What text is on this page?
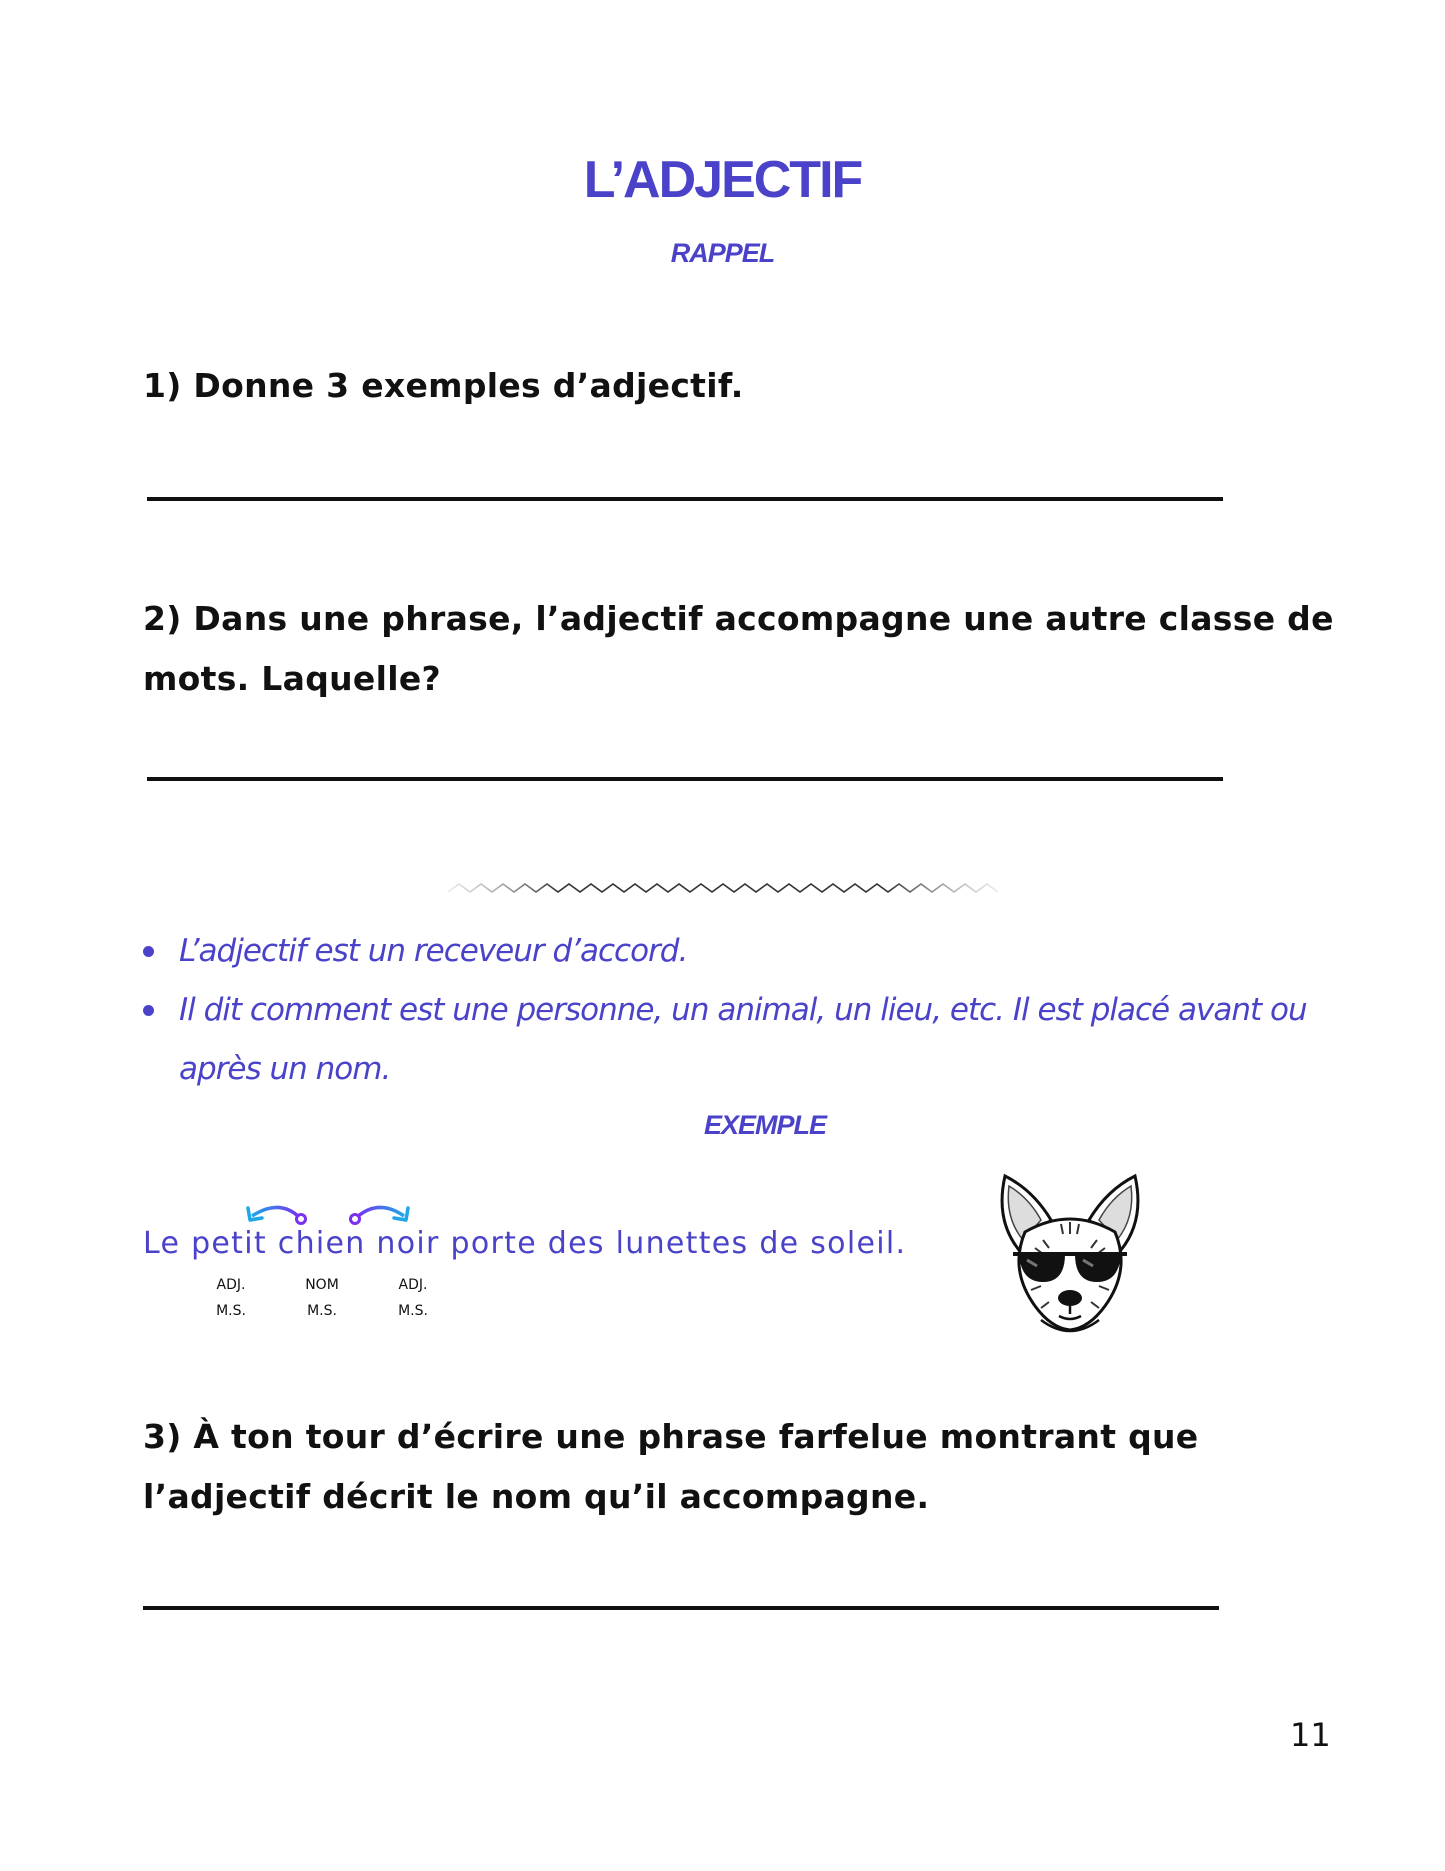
L’ADJECTIF
RAPPEL
1) Donne 3 exemples d’adjectif.
2) Dans une phrase, l’adjectif accompagne une autre classe de
mots. Laquelle?
L’adjectif est un receveur d’accord.
Il dit comment est une personne, un animal, un lieu, etc. Il est placé avant ou après un nom.
EXEMPLE
Le petit chien noir porte des lunettes de soleil.
ADJ.
M.S.
NOM
M.S.
ADJ.
M.S.
3) À ton tour d’écrire une phrase farfelue montrant que
l’adjectif décrit le nom qu’il accompagne.
11
